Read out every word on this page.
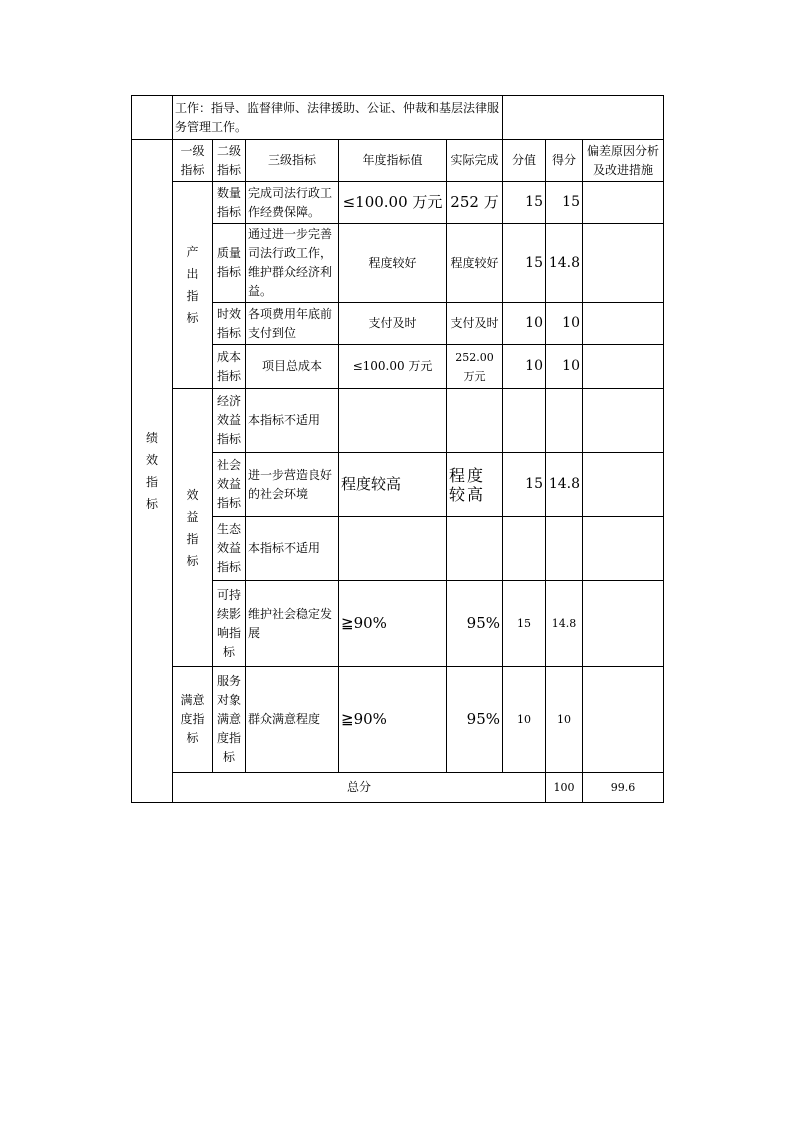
	工作：指导、监督律师、法律援助、公证、仲裁和基层法律服务管理工作。								

绩效指标	一级指标	二级指标	三级指标	年度指标值	实际完成	分值	得分	偏差原因分析及改进措施	

	产出指标	数量指标	完成司法行政工作经费保障。	≤100.00 万元	252 万	15	15		
		质量指标	通过进一步完善司法行政工作，维护群众经济利益。	程度较好	程度较好	15	14.8		
		时效指标	各项费用年底前支付到位	支付及时	支付及时	10	10		
		成本指标	项目总成本	≤100.00 万元	252.00 万元	10	10		

	效益指标	经济效益指标	本指标不适用						
		社会效益指标	进一步营造良好的社会环境	程度较高	程度较高	15	14.8		
		生态效益指标	本指标不适用						
		可持续影响指标	维护社会稳定发展	≧90%	95%	15	14.8		
	满意度指标	服务对象满意度指标	群众满意程度	≧90%	95%	10	10		
	总分						100	99.6	
